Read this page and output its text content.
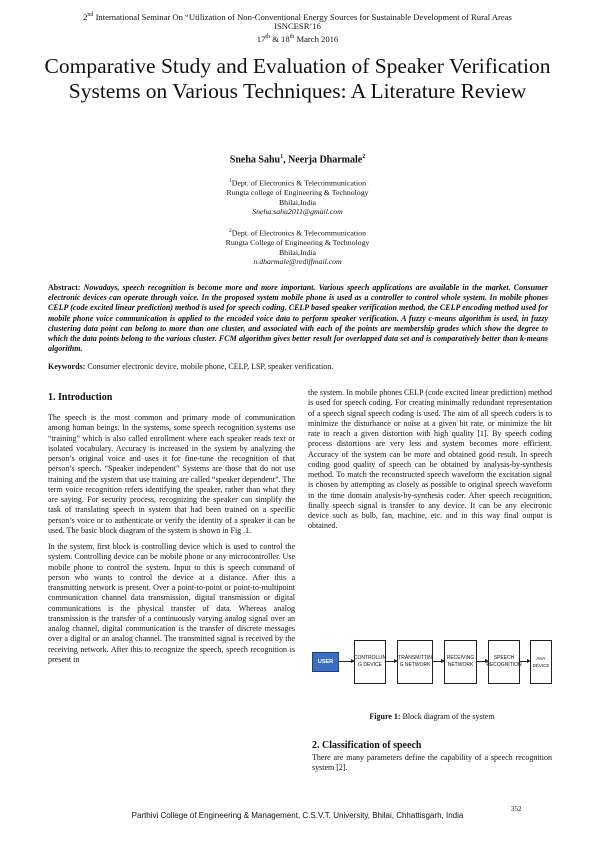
2nd International Seminar On “Utilization of Non-Conventional Energy Sources for Sustainable Development of Rural Areas
ISNCESR’16
17th & 18th March 2016
Comparative Study and Evaluation of Speaker Verification Systems on Various Techniques: A Literature Review
Sneha Sahu$^1$, Neerja Dharmale$^2$
$^1$Dept. of Electronics & Telecommunication
Rungta college of Engineering & Technology
Bhilai,India
Sneha.sahu2011@gmail.com
$^2$Dept. of Electronics & Telecommunication
Rungta College of Engineering & Technology
Bhilai,India
n.dharmale@rediffmail.com
Abstract: Nowadays, speech recognition is become more and more important. Various speech applications are available in the market. Consumer electronic devices can operate through voice. In the proposed system mobile phone is used as a controller to control whole system. In mobile phones CELP (code excited linear prediction) method is used for speech coding. CELP based speaker verification method, the CELP encoding method used for mobile phone voice communication is applied to the encoded voice data to perform speaker verification. A fuzzy c-means algorithm is used, in fuzzy clustering data point can belong to more than one cluster, and associated with each of the points are membership grades which show the degree to which the data points belong to the various cluster. FCM algorithm gives better result for overlapped data set and is comparatively better than k-means algorithm.
Keywords: Consumer electronic device, mobile phone, CELP, LSP, speaker verification.
1. Introduction

The speech is the most common and primary mode of communication among human beings. In the systems, some speech recognition systems use “training” which is also called enrollment where each speaker reads text or isolated vocabulary. Accuracy is increased in the system by analyzing the person’s original voice and uses it for fine-tune the recognition of that person’s speech. “Speaker independent” Systems are those that do not use training and the system that use training are called “speaker dependent”. The term voice recognition refers identifying the speaker, rather than what they are saying. For security process, recognizing the speaker can simplify the task of translating speech in system that had been trained on a specific person’s voice or to authenticate or verify the identity of a speaker it can be used. The basic block diagram of the system is shown in Fig .1.

In the system, first block is controlling device which is used to control the system. Controlling device can be mobile phone or any microcontroller. Use mobile phone to control the system. Input to this is speech command of person who wants to control the device at a distance. After this a transmitting network is present. Over a point-to-point or point-to-multipoint communication channel data transmission, digital transmission or digital communications is the physical transfer of data. Whereas analog transmission is the transfer of a continuously varying analog signal over an analog channel, digital communication is the transfer of discrete messages over a digital or an analog channel. The transmitted signal is received by the receiving network. After this to recognize the speech, speech recognition is present in

the system. In mobile phones CELP (code excited linear prediction) method is used for speech coding. For creating minimally redundant representation of a speech signal speech coding is used. The aim of all speech coders is to minimize the disturbance or noise at a given bit rate, or minimize the bit rate to reach a given distortion with high quality [1]. By speech coding process distortions are very less and system becomes more efficient. Accuracy of the system can be more and obtained good result. In speech coding good quality of speech can be obtained by analysis-by-synthesis method. To match the reconstructed speech waveform the excitation signal is chosen by attempting as closely as possible to original speech waveform in the time domain analysis-by-synthesis coder. After speech recognition, finally speech signal is transfer to any device. It can be any electronic device such as bulb, fan, machine, etc. and in this way final output is obtained.

USER
CONTROLLIN G DEVICE
TRANSMITTIN G NETWORK
RECEIVING NETWORK
SPEECH RECOGNITION
ANY DEVICE
Figure 1: Block diagram of the system
2. Classification of speech
There are many parameters define the capability of a speech recognition system [2].
Parthivi College of Engineering & Management, C.S.V.T. University, Bhilai, Chhattisgarh, India
352
